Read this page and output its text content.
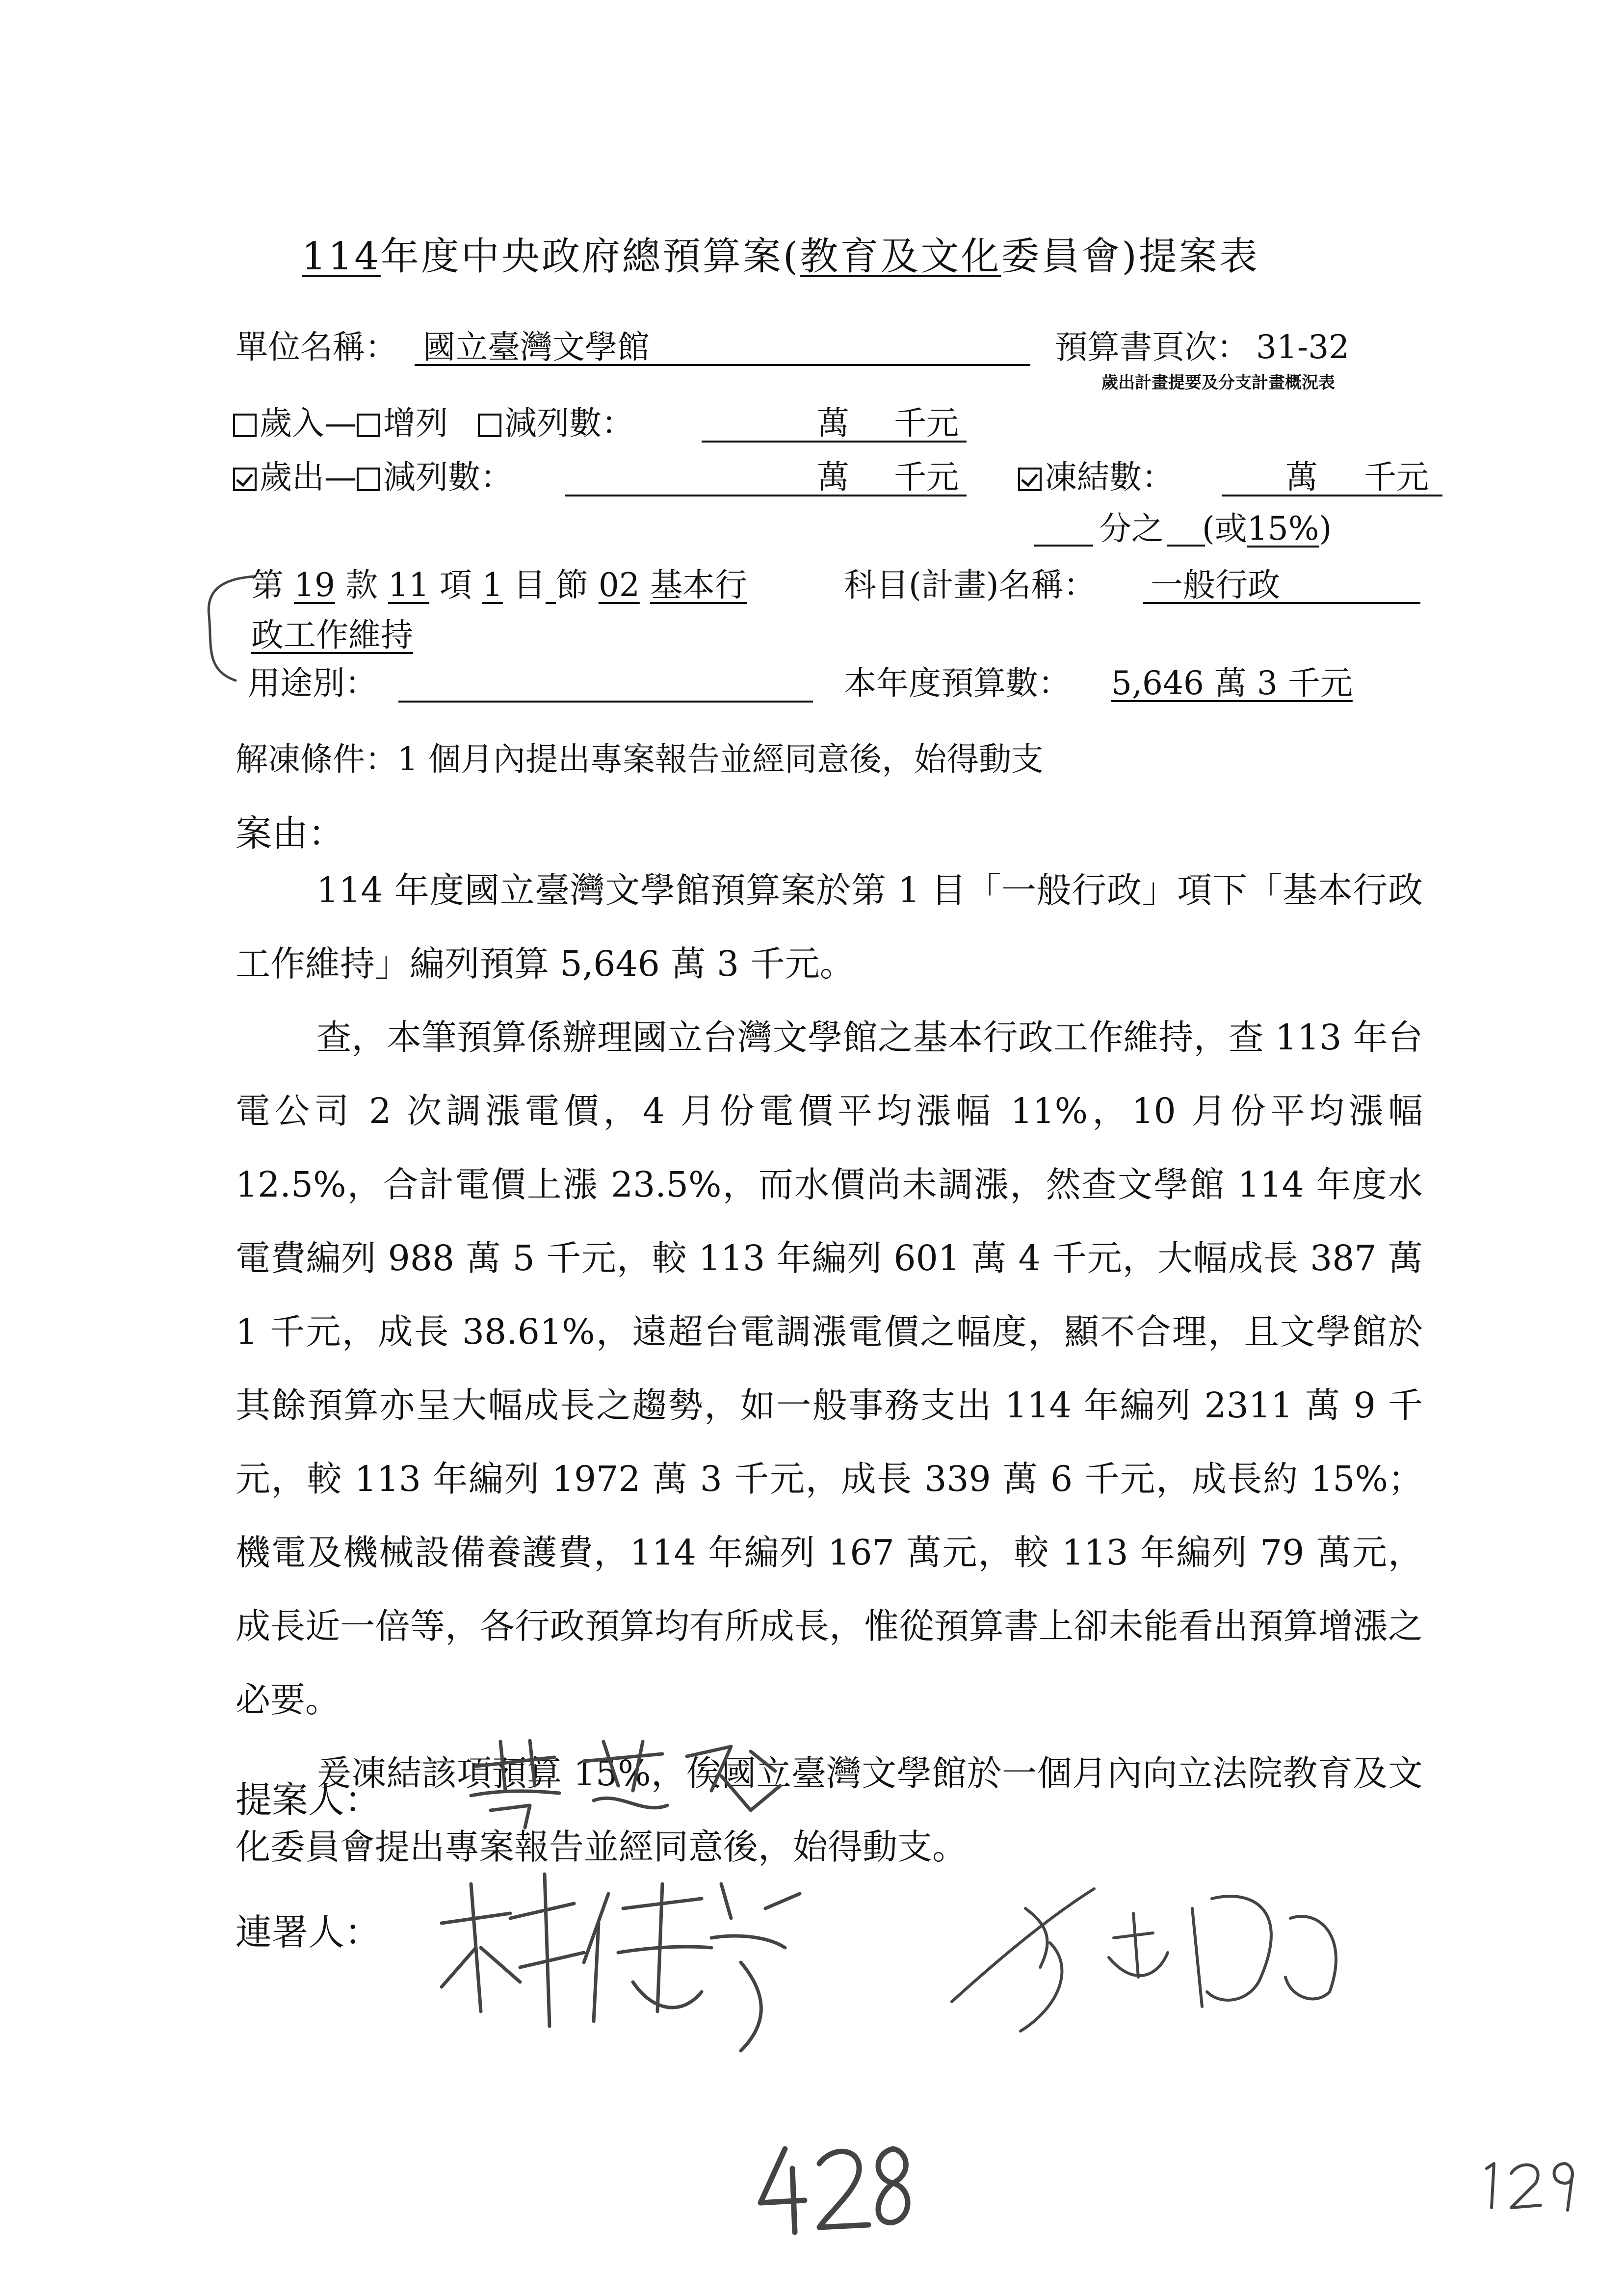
114年度中央政府總預算案(教育及文化委員會)提案表
單位名稱： 國立臺灣文學館	預算書頁次： 31-32
歲出計畫提要及分支計畫概況表
歲入— 增列 減列數：	萬 千元
歲出— 減列數：	萬 千元	凍結數：	萬 千元
分之 (或15%)
第 19 款 11 項 1 目 節 02 基本行
政工作維持
科目(計畫)名稱： 一般行政
用途別：	本年度預算數： 5,646 萬 3 千元
解凍條件：1 個月內提出專案報告並經同意後，始得動支
案由：

114 年度國立臺灣文學館預算案於第 1 目「一般行政」項下「基本行政工作維持」編列預算 5,646 萬 3 千元。

查，本筆預算係辦理國立台灣文學館之基本行政工作維持，查 113 年台電公司 2 次調漲電價，4 月份電價平均漲幅 11%，10 月份平均漲幅 12.5%，合計電價上漲 23.5%，而水價尚未調漲，然查文學館 114 年度水電費編列 988 萬 5 千元，較 113 年編列 601 萬 4 千元，大幅成長 387 萬 1 千元，成長 38.61%，遠超台電調漲電價之幅度，顯不合理，且文學館於其餘預算亦呈大幅成長之趨勢，如一般事務支出 114 年編列 2311 萬 9 千元，較 113 年編列 1972 萬 3 千元，成長 339 萬 6 千元，成長約 15%；機電及機械設備養護費，114 年編列 167 萬元，較 113 年編列 79 萬元，成長近一倍等，各行政預算均有所成長，惟從預算書上卻未能看出預算增漲之必要。

爰凍結該項預算 15%，俟國立臺灣文學館於一個月內向立法院教育及文化委員會提出專案報告並經同意後，始得動支。

提案人：
連署人：
